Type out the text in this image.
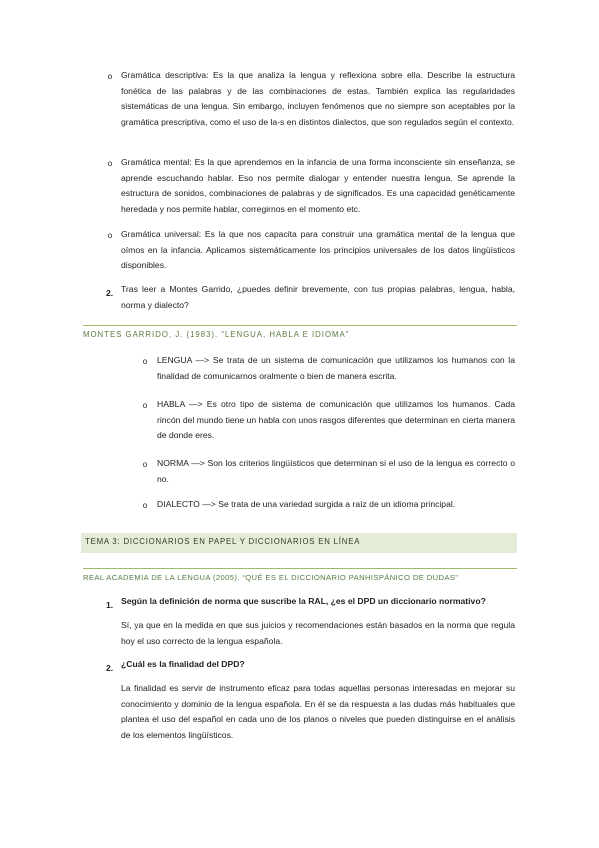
o Gramática descriptiva: Es la que analiza la lengua y reflexiona sobre ella. Describe la estructura fonética de las palabras y de las combinaciones de estas. También explica las regularidades sistemáticas de una lengua. Sin embargo, incluyen fenómenos que no siempre son aceptables por la gramática prescriptiva, como el uso de la-s en distintos dialectos, que son regulados según el contexto.
o Gramática mental: Es la que aprendemos en la infancia de una forma inconsciente sin enseñanza, se aprende escuchando hablar. Eso nos permite dialogar y entender nuestra lengua. Se aprende la estructura de sonidos, combinaciones de palabras y de significados. Es una capacidad genéticamente heredada y nos permite hablar, corregirnos en el momento etc.
o Gramática universal: Es la que nos capacita para construir una gramática mental de la lengua que oímos en la infancia. Aplicamos sistemáticamente los principios universales de los datos lingüísticos disponibles.
2. Tras leer a Montes Garrido, ¿puedes definir brevemente, con tus propias palabras, lengua, habla, norma y dialecto?
MONTES GARRIDO, J. (1983). “LENGUA, HABLA E IDIOMA”
o LENGUA —> Se trata de un sistema de comunicación que utilizamos los humanos con la finalidad de comunicarnos oralmente o bien de manera escrita.
o HABLA —> Es otro tipo de sistema de comunicación que utilizamos los humanos. Cada rincón del mundo tiene un habla con unos rasgos diferentes que determinan en cierta manera de donde eres.
o NORMA —> Son los criterios lingüísticos que determinan si el uso de la lengua es correcto o no.
o DIALECTO —> Se trata de una variedad surgida a raíz de un idioma principal.
TEMA 3: DICCIONARIOS EN PAPEL Y DICCIONARIOS EN LÍNEA
REAL ACADEMIA DE LA LENGUA (2005). “QUÉ ES EL DICCIONARIO PANHISPÁNICO DE DUDAS”
1. Según la definición de norma que suscribe la RAL, ¿es el DPD un diccionario normativo?
Sí, ya que en la medida en que sus juicios y recomendaciones están basados en la norma que regula hoy el uso correcto de la lengua española.
2. ¿Cuál es la finalidad del DPD?
La finalidad es servir de instrumento eficaz para todas aquellas personas interesadas en mejorar su conocimiento y dominio de la lengua española. En él se da respuesta a las dudas más habituales que plantea el uso del español en cada uno de los planos o niveles que pueden distinguirse en el análisis de los elementos lingüísticos.
